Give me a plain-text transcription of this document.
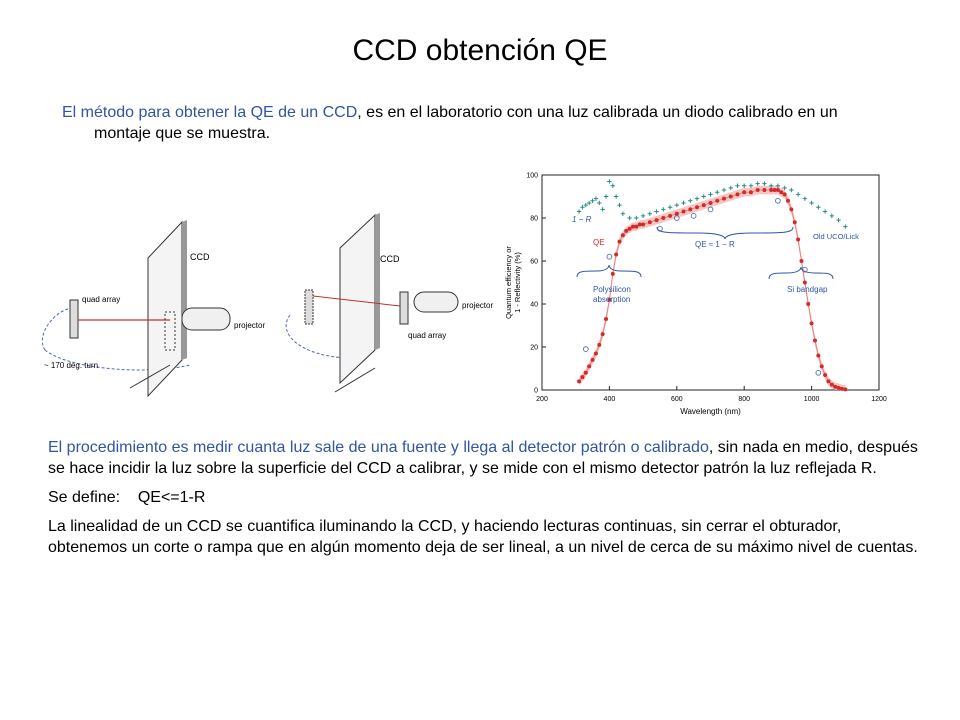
CCD obtención QE
El método para obtener la QE de un CCD, es en el laboratorio con una luz calibrada un diodo calibrado en un montaje que se muestra.
CCD
quad array
projector
~ 170 deg. turn
CCD
projector
quad array
200	400	600	800	1000	1200
0
20
40
60
80
100
Wavelength (nm)
Quantum efficiency or 1 - Reflectivity (%)
1 − R
QE	QE ≈ 1 − R
Old UCO/Lick
Polysilicon
absorption
Si bandgap

El procedimiento es medir cuanta luz sale de una fuente y llega al detector patrón o calibrado, sin nada en medio, después se hace incidir la luz sobre la superficie del CCD a calibrar, y se mide con el mismo detector patrón la luz reflejada R.

Se define: QE<=1-R

La linealidad de un CCD se cuantifica iluminando la CCD, y haciendo lecturas continuas, sin cerrar el obturador, obtenemos un corte o rampa que en algún momento deja de ser lineal, a un nivel de cerca de su máximo nivel de cuentas.
